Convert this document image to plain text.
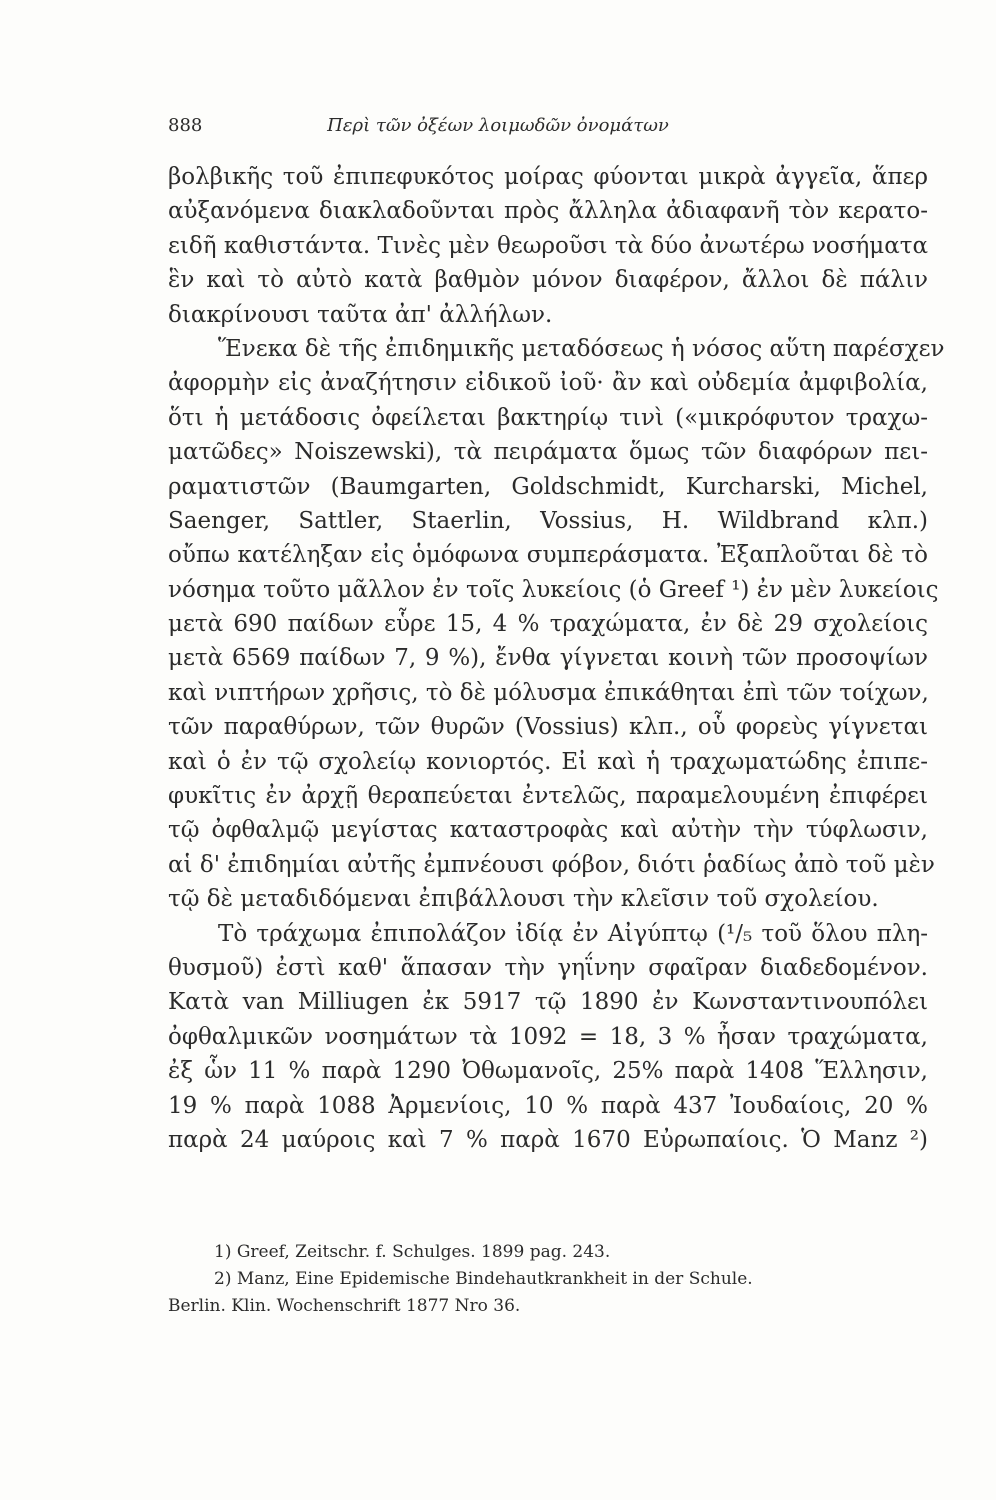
888	Περὶ τῶν ὀξέων λοιμωδῶν ὀνομάτων
βολβικῆς τοῦ ἐπιπεφυκότος μοίρας φύονται μικρὰ ἀγγεῖα, ἅπερ
αὐξανόμενα διακλαδοῦνται πρὸς ἄλληλα ἀδιαφανῆ τὸν κερατο-
ειδῆ καθιστάντα. Τινὲς μὲν θεωροῦσι τὰ δύο ἀνωτέρω νοσήματα
ἓν καὶ τὸ αὐτὸ κατὰ βαθμὸν μόνον διαφέρον, ἄλλοι δὲ πάλιν
διακρίνουσι ταῦτα ἀπ' ἀλλήλων.
Ἕνεκα δὲ τῆς ἐπιδημικῆς μεταδόσεως ἡ νόσος αὕτη παρέσχεν
ἀφορμὴν εἰς ἀναζήτησιν εἰδικοῦ ἰοῦ· ἂν καὶ οὐδεμία ἀμφιβολία,
ὅτι ἡ μετάδοσις ὀφείλεται βακτηρίῳ τινὶ («μικρόφυτον τραχω-
ματῶδες» Noiszewski), τὰ πειράματα ὅμως τῶν διαφόρων πει-
ραματιστῶν (Baumgarten, Goldschmidt, Kurcharski, Michel,
Saenger, Sattler, Staerlin, Vossius, H. Wildbrand κλπ.)
οὔπω κατέληξαν εἰς ὁμόφωνα συμπεράσματα. Ἐξαπλοῦται δὲ τὸ
νόσημα τοῦτο μᾶλλον ἐν τοῖς λυκείοις (ὁ Greef ¹) ἐν μὲν λυκείοις
μετὰ 690 παίδων εὗρε 15, 4 % τραχώματα, ἐν δὲ 29 σχολείοις
μετὰ 6569 παίδων 7, 9 %), ἔνθα γίγνεται κοινὴ τῶν προσοψίων
καὶ νιπτήρων χρῆσις, τὸ δὲ μόλυσμα ἐπικάθηται ἐπὶ τῶν τοίχων,
τῶν παραθύρων, τῶν θυρῶν (Vossius) κλπ., οὗ φορεὺς γίγνεται
καὶ ὁ ἐν τῷ σχολείῳ κονιορτός. Εἰ καὶ ἡ τραχωματώδης ἐπιπε-
φυκῖτις ἐν ἀρχῇ θεραπεύεται ἐντελῶς, παραμελουμένη ἐπιφέρει
τῷ ὀφθαλμῷ μεγίστας καταστροφὰς καὶ αὐτὴν τὴν τύφλωσιν,
αἱ δ' ἐπιδημίαι αὐτῆς ἐμπνέουσι φόβον, διότι ῥαδίως ἀπὸ τοῦ μὲν
τῷ δὲ μεταδιδόμεναι ἐπιβάλλουσι τὴν κλεῖσιν τοῦ σχολείου.
Τὸ τράχωμα ἐπιπολάζον ἰδίᾳ ἐν Αἰγύπτῳ (¹/₅ τοῦ ὅλου πλη-
θυσμοῦ) ἐστὶ καθ' ἅπασαν τὴν γηΐνην σφαῖραν διαδεδομένον.
Κατὰ van Milliugen ἐκ 5917 τῷ 1890 ἐν Κωνσταντινουπόλει
ὀφθαλμικῶν νοσημάτων τὰ 1092 = 18, 3 % ἦσαν τραχώματα,
ἐξ ὧν 11 % παρὰ 1290 Ὀθωμανοῖς, 25% παρὰ 1408 Ἕλλησιν,
19 % παρὰ 1088 Ἀρμενίοις, 10 % παρὰ 437 Ἰουδαίοις, 20 %
παρὰ 24 μαύροις καὶ 7 % παρὰ 1670 Εὐρωπαίοις. Ὁ Manz ²)
1) Greef, Zeitschr. f. Schulges. 1899 pag. 243.
2) Manz, Eine Epidemische Bindehautkrankheit in der Schule.
Berlin. Klin. Wochenschrift 1877 Nro 36.
